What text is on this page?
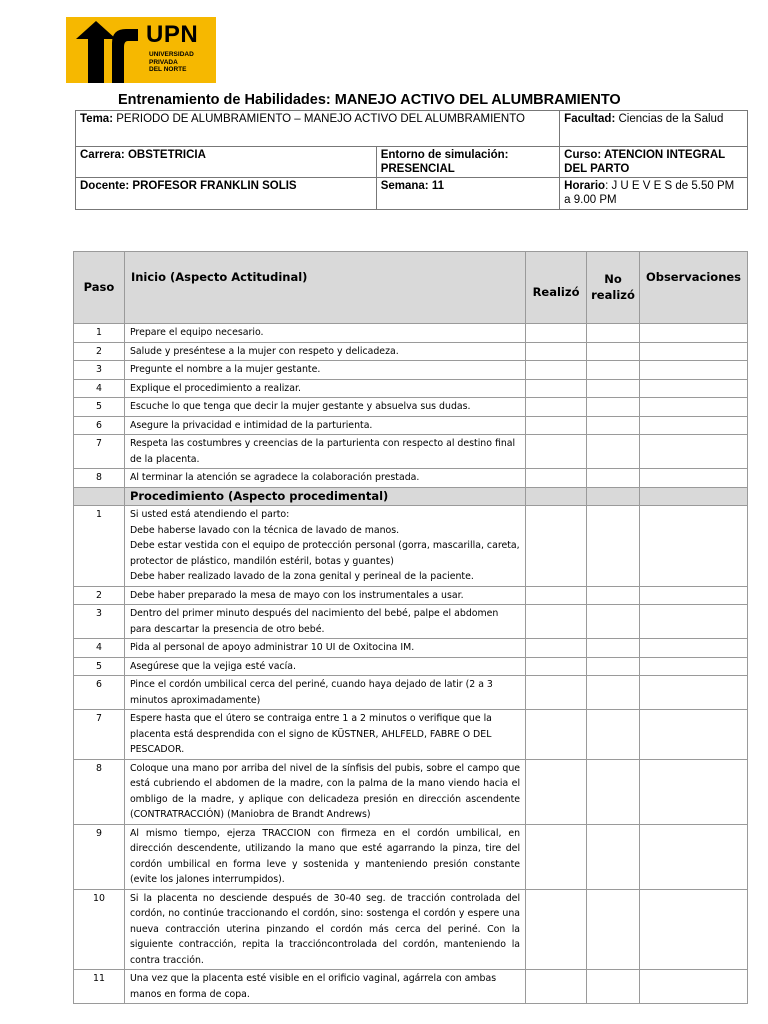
UPN
UNIVERSIDAD
PRIVADA
DEL NORTE
Entrenamiento de Habilidades: MANEJO ACTIVO DEL ALUMBRAMIENTO
Tema: PERIODO DE ALUMBRAMIENTO – MANEJO ACTIVO DEL ALUMBRAMIENTO		Facultad: Ciencias de la Salud
Carrera: OBSTETRICIA	Entorno de simulación: PRESENCIAL	Curso: ATENCION INTEGRAL DEL PARTO
Docente: PROFESOR FRANKLIN SOLIS	Semana: 11	Horario: J U E V E S de 5.50 PM a 9.00 PM
Paso	Inicio (Aspecto Actitudinal)	Realizó	No realizó	Observaciones
1	Prepare el equipo necesario.			
2	Salude y preséntese a la mujer con respeto y delicadeza.			
3	Pregunte el nombre a la mujer gestante.			
4	Explique el procedimiento a realizar.			
5	Escuche lo que tenga que decir la mujer gestante y absuelva sus dudas.			
6	Asegure la privacidad e intimidad de la parturienta.			
7	Respeta las costumbres y creencias de la parturienta con respecto al destino final de la placenta.			
8	Al terminar la atención se agradece la colaboración prestada.			
	Procedimiento (Aspecto procedimental)			
1	Si usted está atendiendo el parto:
Debe haberse lavado con la técnica de lavado de manos.
Debe estar vestida con el equipo de protección personal (gorra, mascarilla, careta, protector de plástico, mandilón estéril, botas y guantes)
Debe haber realizado lavado de la zona genital y perineal de la paciente.			

2	Debe haber preparado la mesa de mayo con los instrumentales a usar.			
3	Dentro del primer minuto después del nacimiento del bebé, palpe el abdomen para descartar la presencia de otro bebé.			
4	Pida al personal de apoyo administrar 10 UI de Oxitocina IM.			
5	Asegúrese que la vejiga esté vacía.			
6	Pince el cordón umbilical cerca del periné, cuando haya dejado de latir (2 a 3 minutos aproximadamente)			
7	Espere hasta que el útero se contraiga entre 1 a 2 minutos o verifique que la placenta está desprendida con el signo de KÜSTNER, AHLFELD, FABRE O DEL PESCADOR.			
8	Coloque una mano por arriba del nivel de la sínfisis del pubis, sobre el campo que está cubriendo el abdomen de la madre, con la palma de la mano viendo hacia el ombligo de la madre, y aplique con delicadeza presión en dirección ascendente (CONTRATRACCIÓN) (Maniobra de Brandt Andrews)			
9	Al mismo tiempo, ejerza TRACCION con firmeza en el cordón umbilical, en dirección descendente, utilizando la mano que esté agarrando la pinza, tire del cordón umbilical en forma leve y sostenida y manteniendo presión constante (evite los jalones interrumpidos).			
10	Si la placenta no desciende después de 30-40 seg. de tracción controlada del cordón, no continúe traccionando el cordón, sino: sostenga el cordón y espere una nueva contracción uterina pinzando el cordón más cerca del periné. Con la siguiente contracción, repita la traccióncontrolada del cordón, manteniendo la contra tracción.			
11	Una vez que la placenta esté visible en el orificio vaginal, agárrela con ambas manos en forma de copa.			
